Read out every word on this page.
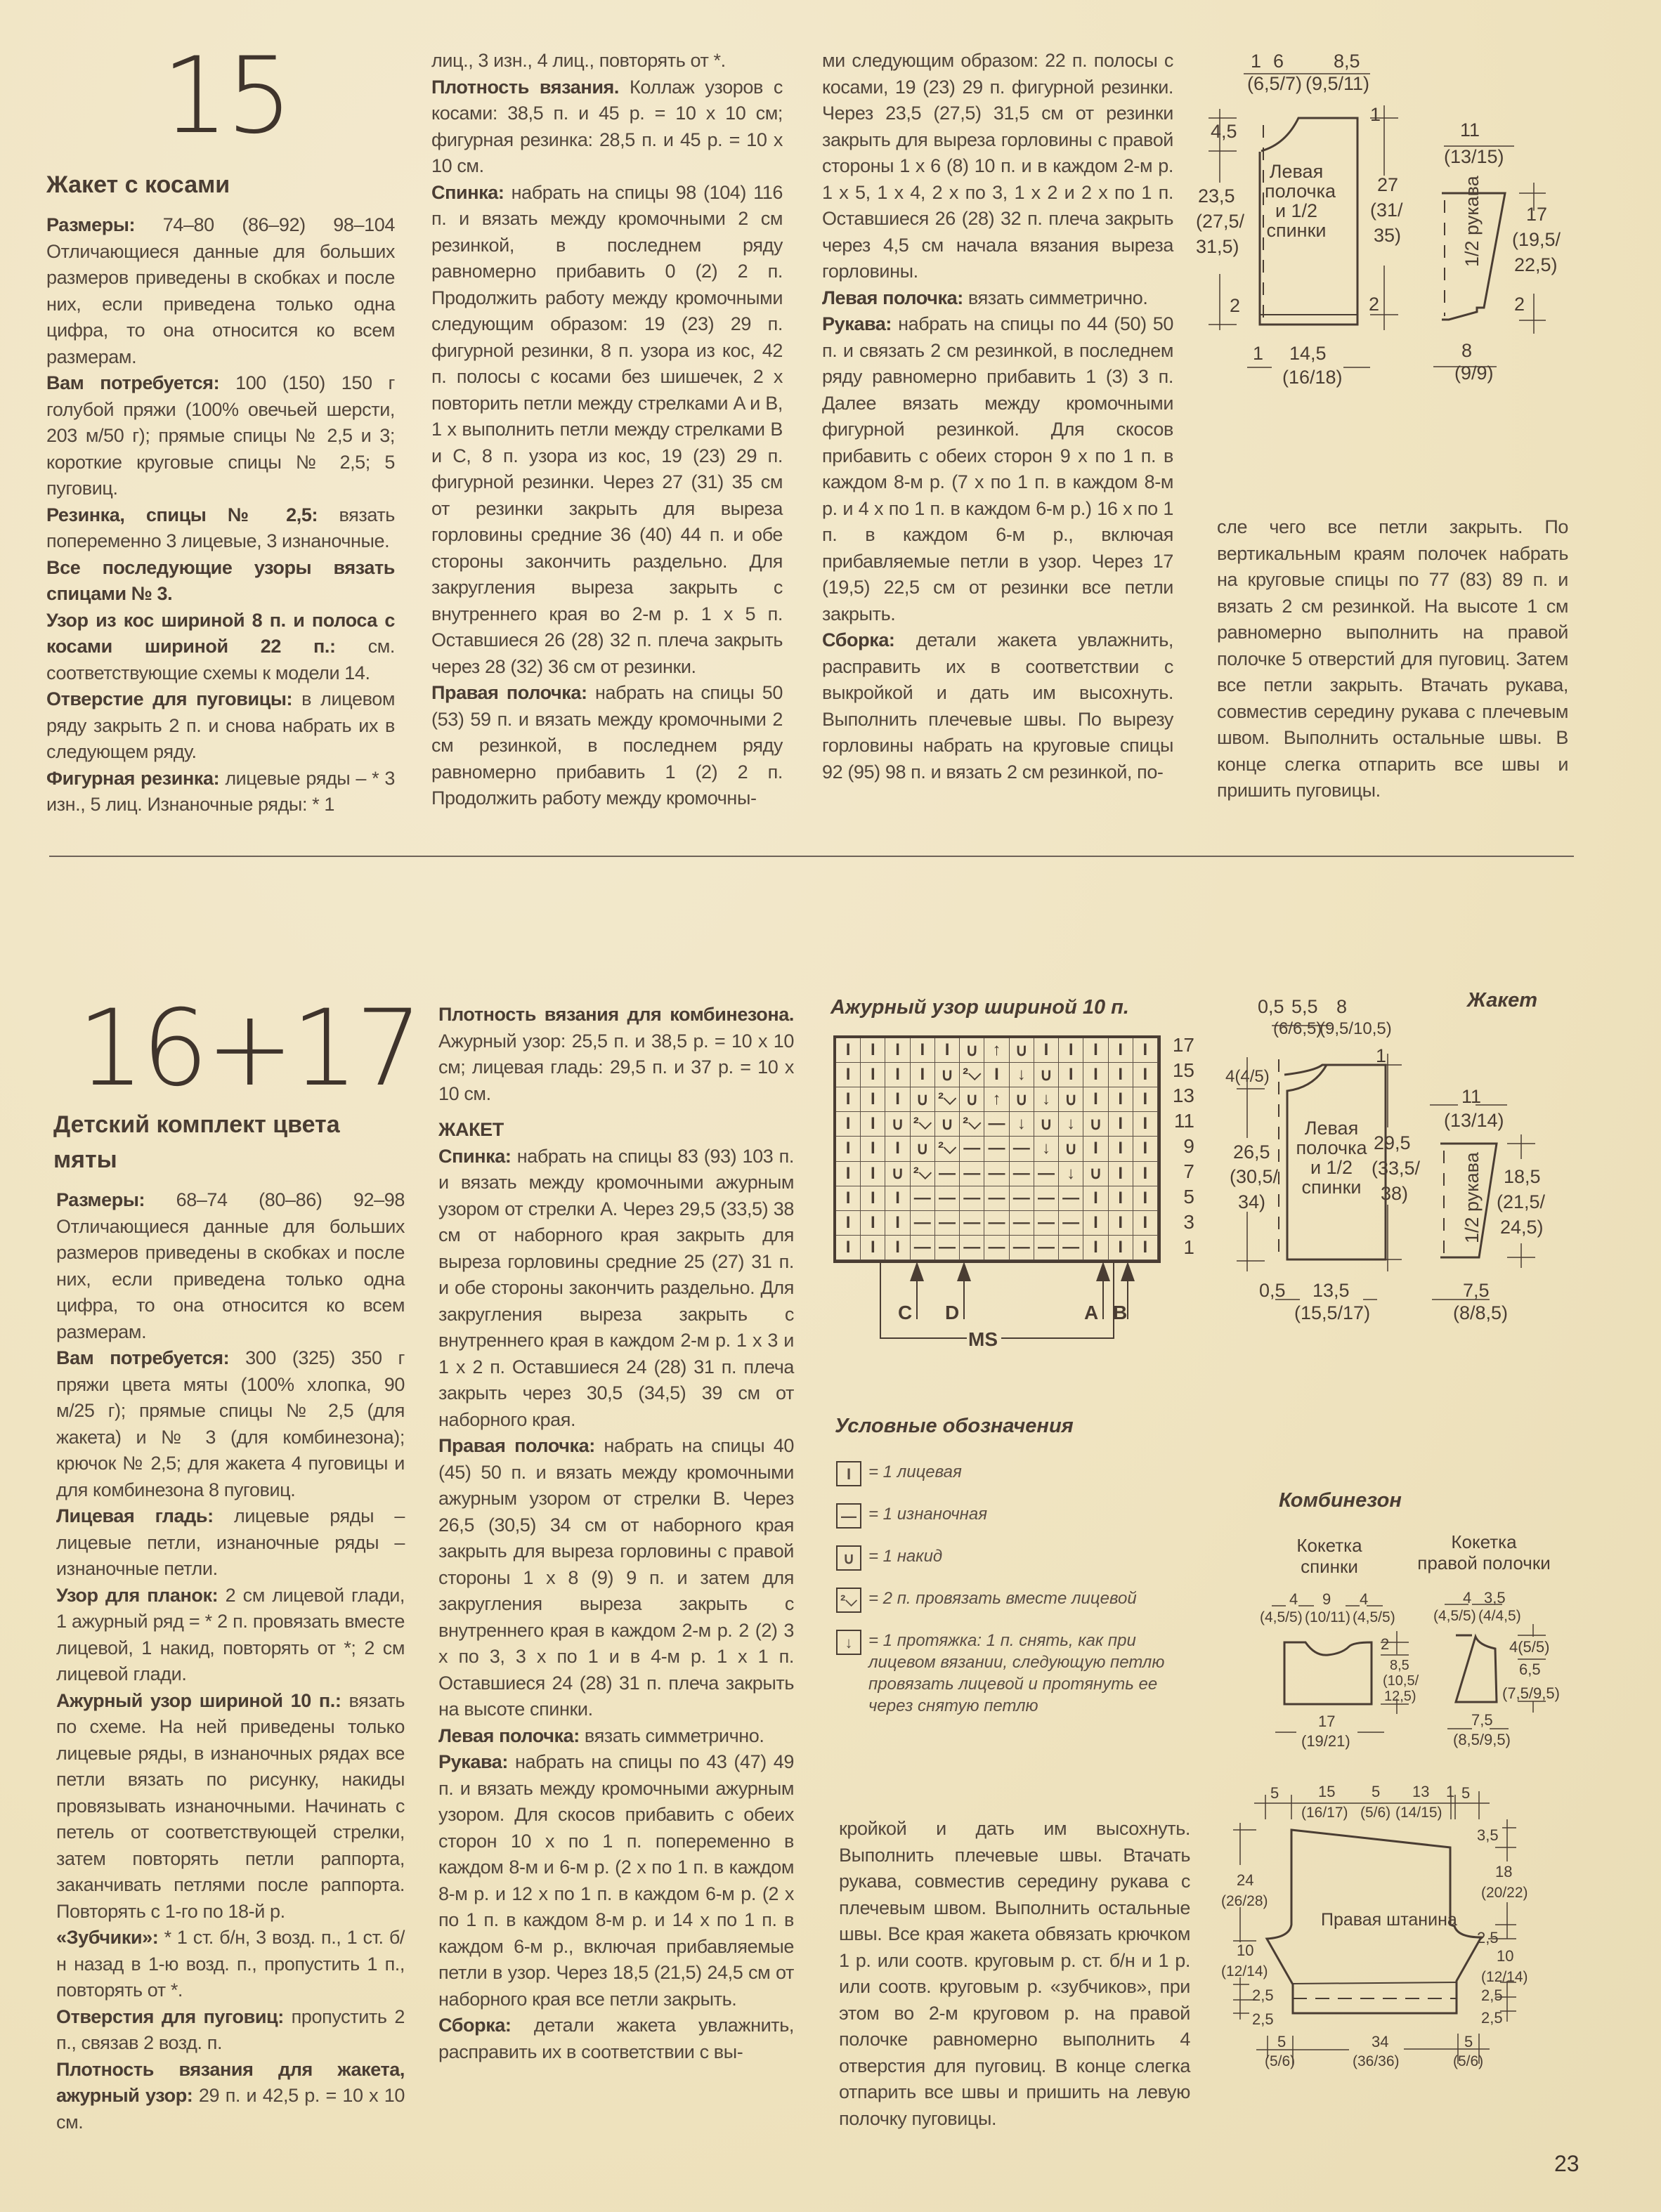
15
Жакет с косами

Размеры: 74–80 (86–92) 98–104 Отличающиеся данные для больших размеров приведены в скобках и после них, если приведена только одна цифра, то она относится ко всем размерам.

Вам потребуется: 100 (150) 150 г голубой пряжи (100% овечьей шерсти, 203 м/50 г); прямые спицы № 2,5 и 3; короткие круговые спицы № 2,5; 5 пуговиц.

Резинка, спицы № 2,5: вязать попеременно 3 лицевые, 3 изнаночные.

Все последующие узоры вязать спицами № 3.

Узор из кос шириной 8 п. и полоса с косами шириной 22 п.: см. соответствующие схемы к модели 14.

Отверстие для пуговицы: в лицевом ряду закрыть 2 п. и снова набрать их в следующем ряду.

Фигурная резинка: лицевые ряды – * 3 изн., 5 лиц. Изнаночные ряды: * 1

лиц., 3 изн., 4 лиц., повторять от *.

Плотность вязания. Коллаж узоров с косами: 38,5 п. и 45 р. = 10 х 10 см; фигурная резинка: 28,5 п. и 45 р. = 10 х 10 см.

Спинка: набрать на спицы 98 (104) 116 п. и вязать между кромочными 2 см резинкой, в последнем ряду равномерно прибавить 0 (2) 2 п. Продолжить работу между кромочными следующим образом: 19 (23) 29 п. фигурной резинки, 8 п. узора из кос, 42 п. полосы с косами без шишечек, 2 х повторить петли между стрелками A и B, 1 х выполнить петли между стрелками B и C, 8 п. узора из кос, 19 (23) 29 п. фигурной резинки. Через 27 (31) 35 см от резинки закрыть для выреза горловины средние 36 (40) 44 п. и обе стороны закончить раздельно. Для закругления выреза закрыть с внутреннего края во 2-м р. 1 х 5 п. Оставшиеся 26 (28) 32 п. плеча закрыть через 28 (32) 36 см от резинки.

Правая полочка: набрать на спицы 50 (53) 59 п. и вязать между кромочными 2 см резинкой, в последнем ряду равномерно прибавить 1 (2) 2 п. Продолжить работу между кромочны-

ми следующим образом: 22 п. полосы с косами, 19 (23) 29 п. фигурной резинки. Через 23,5 (27,5) 31,5 см от резинки закрыть для выреза горловины с правой стороны 1 х 6 (8) 10 п. и в каждом 2-м р. 1 х 5, 1 х 4, 2 х по 3, 1 х 2 и 2 х по 1 п. Оставшиеся 26 (28) 32 п. плеча закрыть через 4,5 см начала вязания выреза горловины.

Левая полочка: вязать симметрично.

Рукава: набрать на спицы по 44 (50) 50 п. и связать 2 см резинкой, в последнем ряду равномерно прибавить 1 (3) 3 п. Далее вязать между кромочными фигурной резинкой. Для скосов прибавить с обеих сторон 9 х по 1 п. в каждом 8-м р. (7 х по 1 п. в каждом 8-м р. и 4 х по 1 п. в каждом 6-м р.) 16 х по 1 п. в каждом 6-м р., включая прибавляемые петли в узор. Через 17 (19,5) 22,5 см от резинки все петли закрыть.

Сборка: детали жакета увлажнить, расправить их в соответствии с выкройкой и дать им высохнуть. Выполнить плечевые швы. По вырезу горловины набрать на круговые спицы 92 (95) 98 п. и вязать 2 см резинкой, по-

сле чего все петли закрыть. По вертикальным краям полочек набрать на круговые спицы по 77 (83) 89 п. и вязать 2 см резинкой. На высоте 1 см равномерно выполнить на правой полочке 5 отверстий для пуговиц. Затем все петли закрыть. Втачать рукава, совместив середину рукава с плечевым швом. Выполнить остальные швы. В конце слегка отпарить все швы и пришить пуговицы.

1 6	8,5
(6,5/7) (9,5/11)
4,5
23,5
(27,5/
31,5)
2
Левая
полочка
и 1/2
спинки
1
27
(31/
35)
2
1 14,5
(16/18)
11
(13/15)
1/2 рукава 17
(19,5/
22,5)
2
8
(9/9)
16+17
Детский комплект цвета мяты

Размеры: 68–74 (80–86) 92–98 Отличающиеся данные для больших размеров приведены в скобках и после них, если приведена только одна цифра, то она относится ко всем размерам.

Вам потребуется: 300 (325) 350 г пряжи цвета мяты (100% хлопка, 90 м/25 г); прямые спицы № 2,5 (для жакета) и № 3 (для комбинезона); крючок № 2,5; для жакета 4 пуговицы и для комбинезона 8 пуговиц.

Лицевая гладь: лицевые ряды – лицевые петли, изнаночные ряды – изнаночные петли.

Узор для планок: 2 см лицевой глади, 1 ажурный ряд = * 2 п. провязать вместе лицевой, 1 накид, повторять от *; 2 см лицевой глади.

Ажурный узор шириной 10 п.: вязать по схеме. На ней приведены только лицевые ряды, в изнаночных рядах все петли вязать по рисунку, накиды провязывать изнаночными. Начинать с петель от соответствующей стрелки, затем повторять петли раппорта, заканчивать петлями после раппорта. Повторять с 1-го по 18-й р.

«Зубчики»: * 1 ст. б/н, 3 возд. п., 1 ст. б/н назад в 1-ю возд. п., пропустить 1 п., повторять от *.

Отверстия для пуговиц: пропустить 2 п., связав 2 возд. п.

Плотность вязания для жакета, ажурный узор: 29 п. и 42,5 р. = 10 х 10 см.

Плотность вязания для комбинезона. Ажурный узор: 25,5 п. и 38,5 р. = 10 х 10 см; лицевая гладь: 29,5 п. и 37 р. = 10 х 10 см.

ЖАКЕТ

Спинка: набрать на спицы 83 (93) 103 п. и вязать между кромочными ажурным узором от стрелки A. Через 29,5 (33,5) 38 см от наборного края закрыть для выреза горловины средние 25 (27) 31 п. и обе стороны закончить раздельно. Для закругления выреза закрыть с внутреннего края в каждом 2-м р. 1 х 3 и 1 х 2 п. Оставшиеся 24 (28) 31 п. плеча закрыть через 30,5 (34,5) 39 см от наборного края.

Правая полочка: набрать на спицы 40 (45) 50 п. и вязать между кромочными ажурным узором от стрелки B. Через 26,5 (30,5) 34 см от наборного края закрыть для выреза горловины с правой стороны 1 х 8 (9) 9 п. и затем для закругления выреза закрыть с внутреннего края в каждом 2-м р. 2 (2) 3 х по 3, 3 х по 1 и в 4-м р. 1 х 1 п. Оставшиеся 24 (28) 31 п. плеча закрыть на высоте спинки.

Левая полочка: вязать симметрично.

Рукава: набрать на спицы по 43 (47) 49 п. и вязать между кромочными ажурным узором. Для скосов прибавить с обеих сторон 10 х по 1 п. попеременно в каждом 8-м и 6-м р. (2 х по 1 п. в каждом 8-м р. и 12 х по 1 п. в каждом 6-м р. (2 х по 1 п. в каждом 8-м р. и 14 х по 1 п. в каждом 6-м р., включая прибавляемые петли в узор. Через 18,5 (21,5) 24,5 см от наборного края все петли закрыть.

Сборка: детали жакета увлажнить, расправить их в соответствии с вы-

кройкой и дать им высохнуть. Выполнить плечевые швы. Втачать рукава, совместив середину рукава с плечевым швом. Выполнить остальные швы. Все края жакета обвязать крючком 1 р. или соотв. круговым р. ст. б/н и 1 р. или соотв. круговым р. «зубчиков», при этом во 2-м круговом р. на правой полочке равномерно выполнить 4 отверстия для пуговиц. В конце слегка отпарить все швы и пришить на левую полочку пуговицы.

Ажурный узор шириной 10 п.
I	I	I	I	I ∪ ↑ ∪ I	I	I	I	I
I	I	I	I ∪ ²⌵ I	↓ ∪ I	I	I	I
I	I	I ∪ ²⌵ ∪ ↑ ∪ ↓ ∪ I	I	I
I	I ∪ ²⌵ ∪ ²⌵ — ↓ ∪ ↓ ∪ I	I
I	I	I ∪ ²⌵ — — — ↓ ∪ I	I	I
I	I ∪ ²⌵ — — — — — ↓ ∪ I	I
I	I	I — — — — — — — I	I	I
I	I	I — — — — — — — I	I	I
I	I	I — — — — — — — I	I	I
17
15
13
11
9
7
5
3
1
C D	A B
MS
Условные обозначения
I	= 1 лицевая
— = 1 изнаночная
∪ = 1 накид
²⌵ = 2 п. провязать вместе лицевой
↓ = 1 протяжка: 1 п. снять, как при лицевом вязании, следующую петлю провязать лицевой и протянуть ее через снятую петлю
Жакет
0,5 5,5 8
(6/6,5)
(9,5/10,5)
4(4/5)
26,5
(30,5/
34)
Левая
полочка
и 1/2
спинки
1
29,5
(33,5/
38)
0,5 13,5
(15,5/17)
11
(13/14)
1/2 рукава 18,5
(21,5/
24,5)
7,5
(8/8,5)
Комбинезон
Кокетка
спинки
Кокетка
правой полочки
4 9 4
(4,5/5) (10/11) (4,5/5)
2
8,5
(10,5/
12,5)
17
(19/21)
4 3,5
(4,5/5) (4/4,5)
4(5/5)
6,5
(7,5/9,5)
7,5
(8,5/9,5)
5	15 5 13 1 5
(16/17) (5/6) (14/15)
24
(26/28)
10
(12/14)
2,5
2,5
Правая штанина
3,5
18
(20/22)
2,5
10
(12/14)
2,5
2,5
5	34	5
(5/6)	(36/36)	(5/6)
23
